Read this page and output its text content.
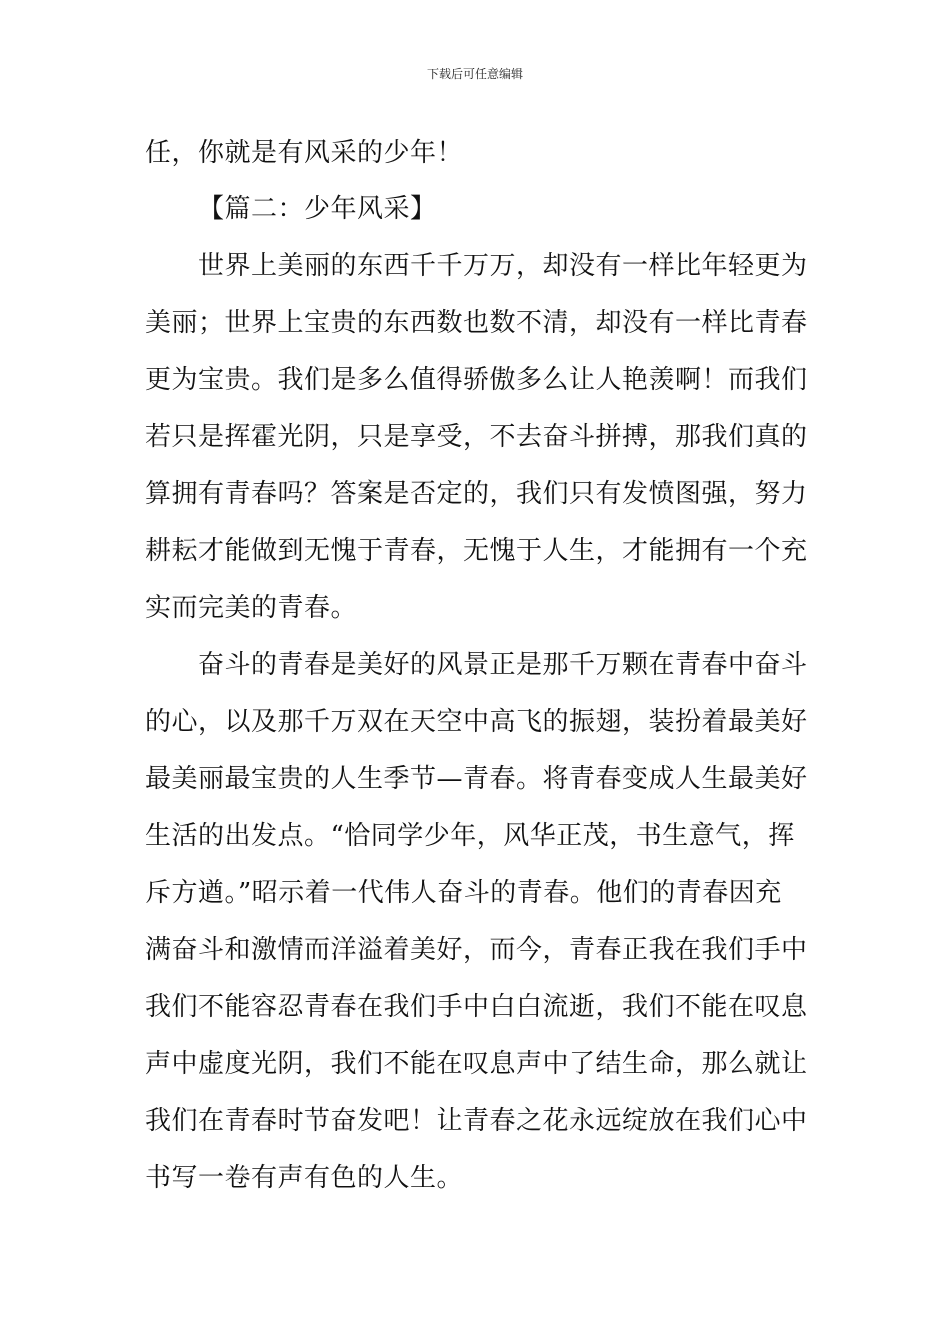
下载后可任意编辑
任，你就是有风采的少年！
【篇二：少年风采】
世界上美丽的东西千千万万，却没有一样比年轻更为
美丽；世界上宝贵的东西数也数不清，却没有一样比青春
更为宝贵。我们是多么值得骄傲多么让人艳羡啊！而我们
若只是挥霍光阴，只是享受，不去奋斗拼搏，那我们真的
算拥有青春吗？答案是否定的，我们只有发愤图强，努力
耕耘才能做到无愧于青春，无愧于人生，才能拥有一个充
实而完美的青春。
奋斗的青春是美好的风景正是那千万颗在青春中奋斗
的心，以及那千万双在天空中高飞的振翅，装扮着最美好
最美丽最宝贵的人生季节—青春。将青春变成人生最美好
生活的出发点。“恰同学少年，风华正茂，书生意气，挥
斥方遒。”昭示着一代伟人奋斗的青春。他们的青春因充
满奋斗和激情而洋溢着美好，而今，青春正我在我们手中
我们不能容忍青春在我们手中白白流逝，我们不能在叹息
声中虚度光阴，我们不能在叹息声中了结生命，那么就让
我们在青春时节奋发吧！让青春之花永远绽放在我们心中
书写一卷有声有色的人生。
